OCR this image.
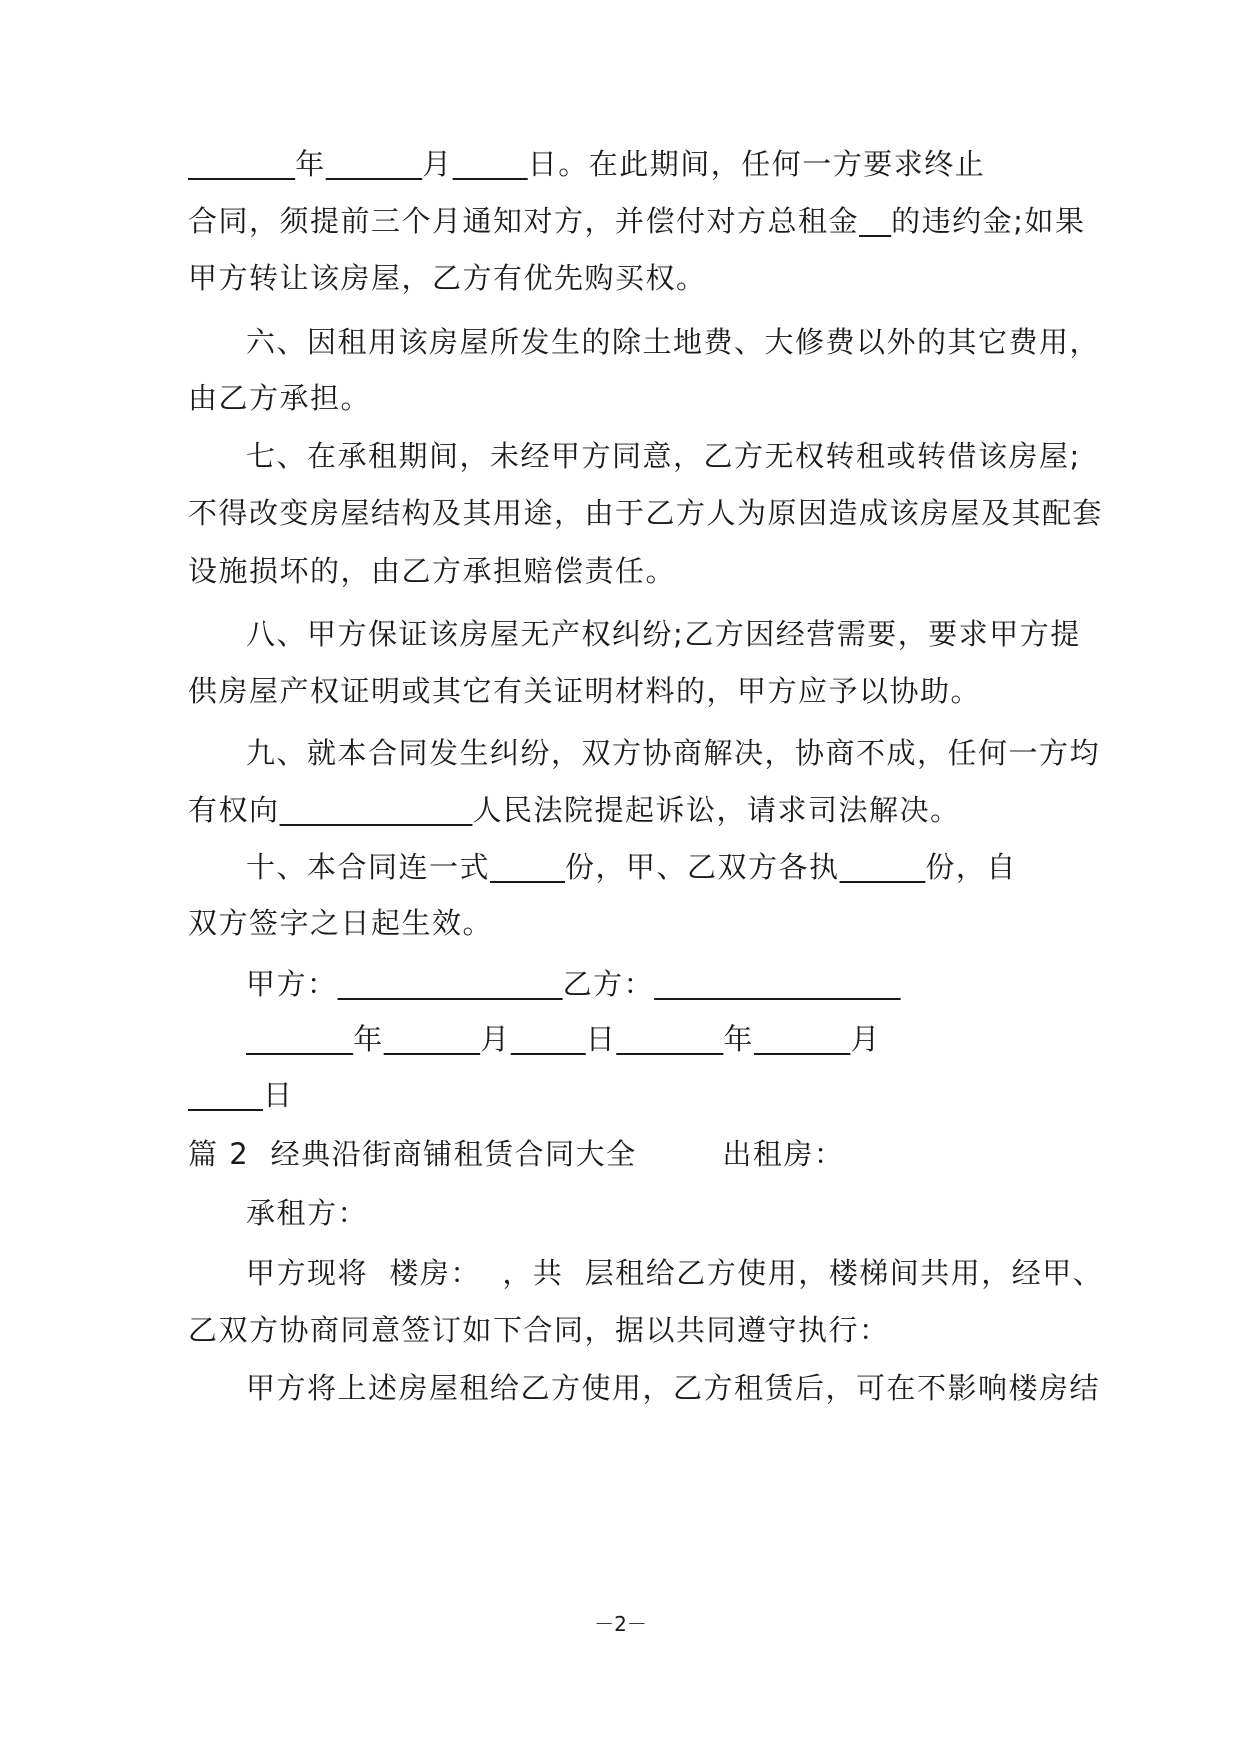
年	月	日。在此期间，任何一方要求终止
合同，须提前三个月通知对方，并偿付对方总租金 的违约金;如果
甲方转让该房屋，乙方有优先购买权。
六、因租用该房屋所发生的除土地费、大修费以外的其它费用，
由乙方承担。
七、在承租期间，未经甲方同意，乙方无权转租或转借该房屋;
不得改变房屋结构及其用途，由于乙方人为原因造成该房屋及其配套
设施损坏的，由乙方承担赔偿责任。
八、甲方保证该房屋无产权纠纷;乙方因经营需要，要求甲方提
供房屋产权证明或其它有关证明材料的，甲方应予以协助。
九、就本合同发生纠纷，双方协商解决，协商不成，任何一方均
有权向	人民法院提起诉讼，请求司法解决。
十、本合同连一式	份，甲、乙双方各执	份，自
双方签字之日起生效。
甲方：	乙方：
年	月	日	年	月
日
篇 2  经典沿街商铺租赁合同大全        出租房：
承租方：
甲方现将  楼房：  ，共  层租给乙方使用，楼梯间共用，经甲、
乙双方协商同意签订如下合同，据以共同遵守执行：
甲方将上述房屋租给乙方使用，乙方租赁后，可在不影响楼房结
－2－
